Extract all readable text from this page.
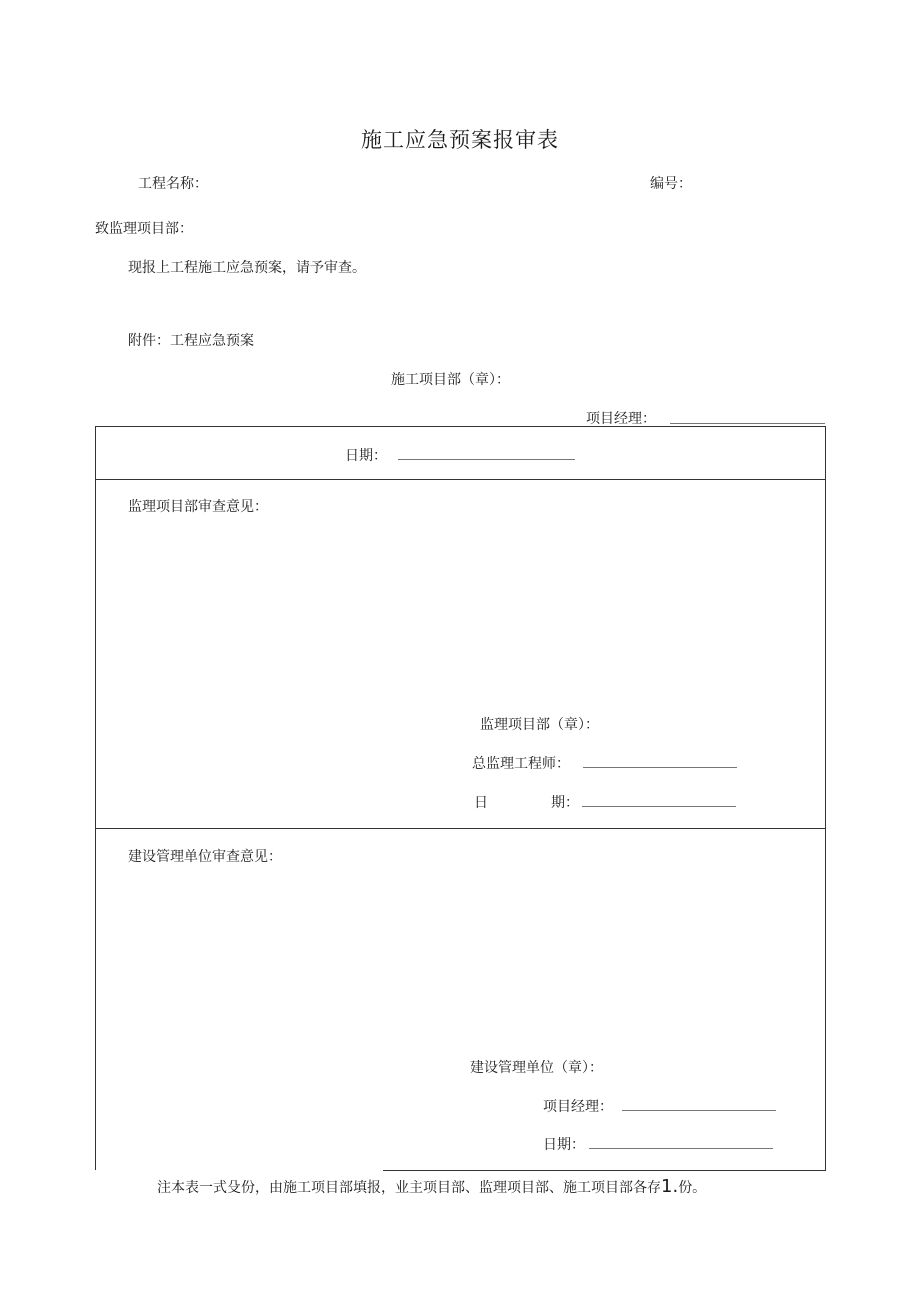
施工应急预案报审表
工程名称：	编号：
致监理项目部：
现报上工程施工应急预案，请予审查。
附件：工程应急预案
施工项目部（章）：
项目经理：
日期：
监理项目部审查意见：
监理项目部（章）：
总监理工程师：
日	期：
建设管理单位审查意见：
建设管理单位（章）：
项目经理：
日期：
注本表一式殳份，由施工项目部填报，业主项目部、监理项目部、施工项目部各存1.份。
